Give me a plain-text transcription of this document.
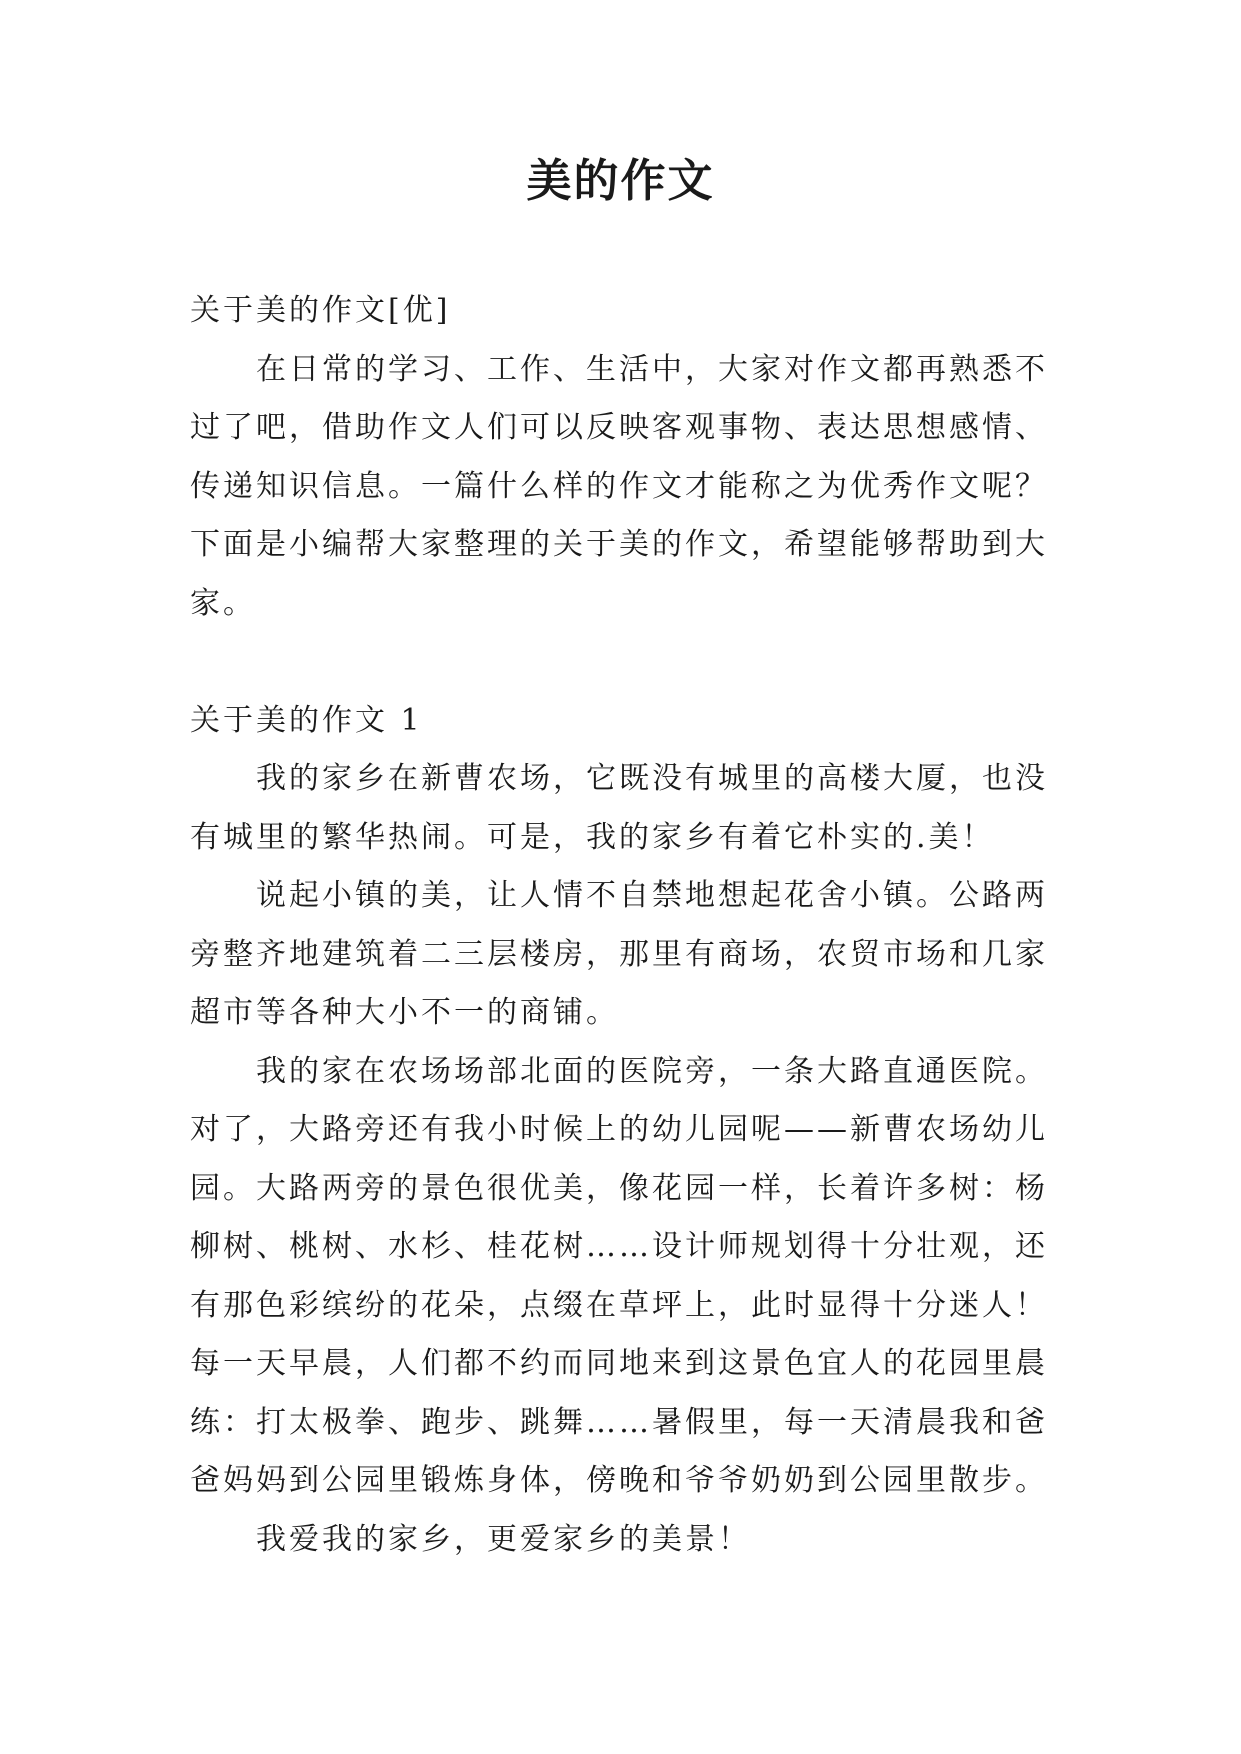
美的作文
关于美的作文[优]
在日常的学习、工作、生活中，大家对作文都再熟悉不
过了吧，借助作文人们可以反映客观事物、表达思想感情、
传递知识信息。一篇什么样的作文才能称之为优秀作文呢？
下面是小编帮大家整理的关于美的作文，希望能够帮助到大
家。
关于美的作文 1
我的家乡在新曹农场，它既没有城里的高楼大厦，也没
有城里的繁华热闹。可是，我的家乡有着它朴实的.美！
说起小镇的美，让人情不自禁地想起花舍小镇。公路两
旁整齐地建筑着二三层楼房，那里有商场，农贸市场和几家
超市等各种大小不一的商铺。
我的家在农场场部北面的医院旁，一条大路直通医院。
对了，大路旁还有我小时候上的幼儿园呢——新曹农场幼儿
园。大路两旁的景色很优美，像花园一样，长着许多树：杨
柳树、桃树、水杉、桂花树……设计师规划得十分壮观，还
有那色彩缤纷的花朵，点缀在草坪上，此时显得十分迷人！
每一天早晨，人们都不约而同地来到这景色宜人的花园里晨
练：打太极拳、跑步、跳舞……暑假里，每一天清晨我和爸
爸妈妈到公园里锻炼身体，傍晚和爷爷奶奶到公园里散步。
我爱我的家乡，更爱家乡的美景！
